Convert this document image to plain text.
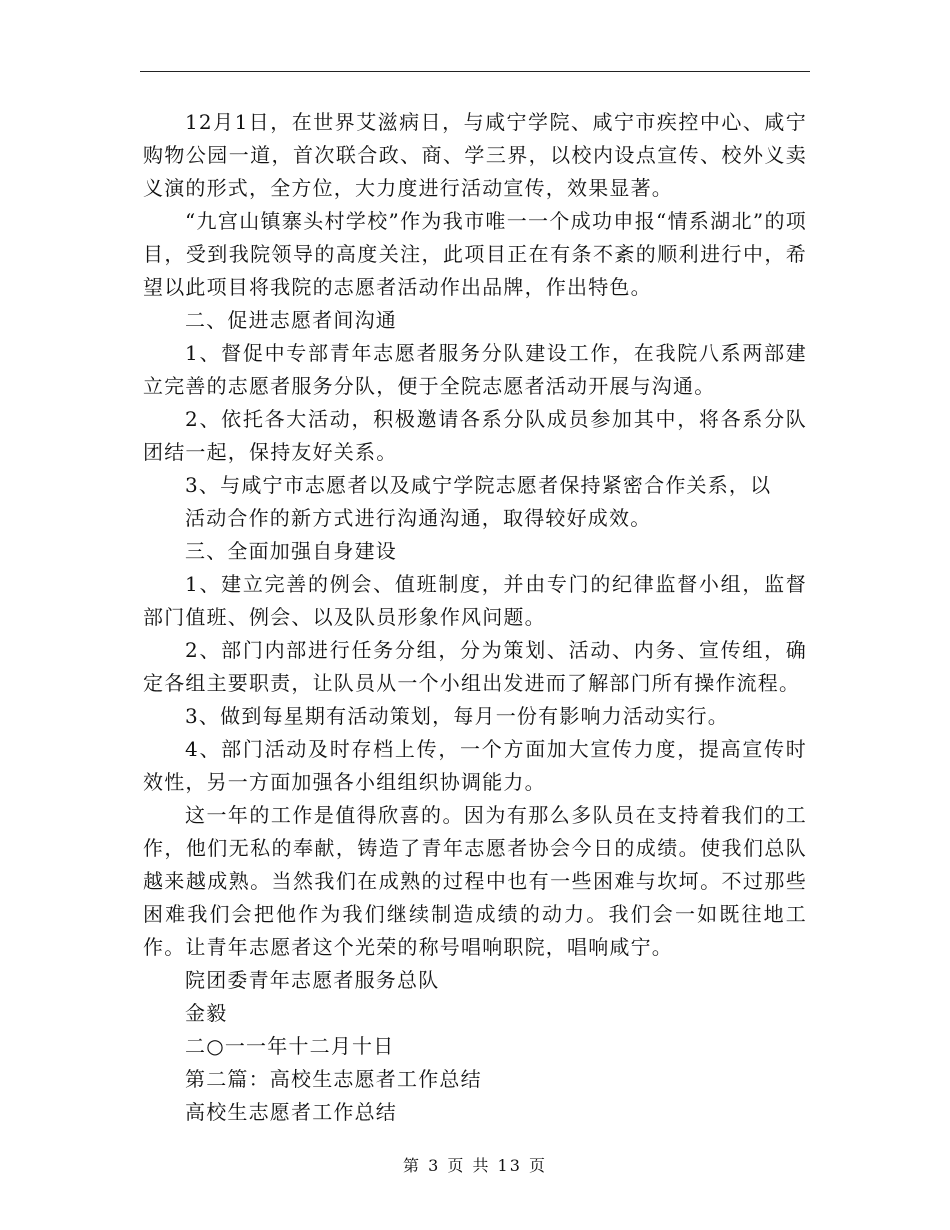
12月1日，在世界艾滋病日，与咸宁学院、咸宁市疾控中心、咸宁购物公园一道，首次联合政、商、学三界，以校内设点宣传、校外义卖义演的形式，全方位，大力度进行活动宣传，效果显著。

“九宫山镇寨头村学校”作为我市唯一一个成功申报“情系湖北”的项目，受到我院领导的高度关注，此项目正在有条不紊的顺利进行中，希望以此项目将我院的志愿者活动作出品牌，作出特色。

二、促进志愿者间沟通

1、督促中专部青年志愿者服务分队建设工作，在我院八系两部建立完善的志愿者服务分队，便于全院志愿者活动开展与沟通。

2、依托各大活动，积极邀请各系分队成员参加其中，将各系分队团结一起，保持友好关系。

3、与咸宁市志愿者以及咸宁学院志愿者保持紧密合作关系，以

活动合作的新方式进行沟通沟通，取得较好成效。

三、全面加强自身建设

1、建立完善的例会、值班制度，并由专门的纪律监督小组，监督部门值班、例会、以及队员形象作风问题。

2、部门内部进行任务分组，分为策划、活动、内务、宣传组，确定各组主要职责，让队员从一个小组出发进而了解部门所有操作流程。

3、做到每星期有活动策划，每月一份有影响力活动实行。

4、部门活动及时存档上传，一个方面加大宣传力度，提高宣传时效性，另一方面加强各小组组织协调能力。

这一年的工作是值得欣喜的。因为有那么多队员在支持着我们的工作，他们无私的奉献，铸造了青年志愿者协会今日的成绩。使我们总队越来越成熟。当然我们在成熟的过程中也有一些困难与坎坷。不过那些困难我们会把他作为我们继续制造成绩的动力。我们会一如既往地工作。让青年志愿者这个光荣的称号唱响职院，唱响咸宁。

院团委青年志愿者服务总队

金毅

二○一一年十二月十日

第二篇：高校生志愿者工作总结

高校生志愿者工作总结

第 3 页 共 13 页
